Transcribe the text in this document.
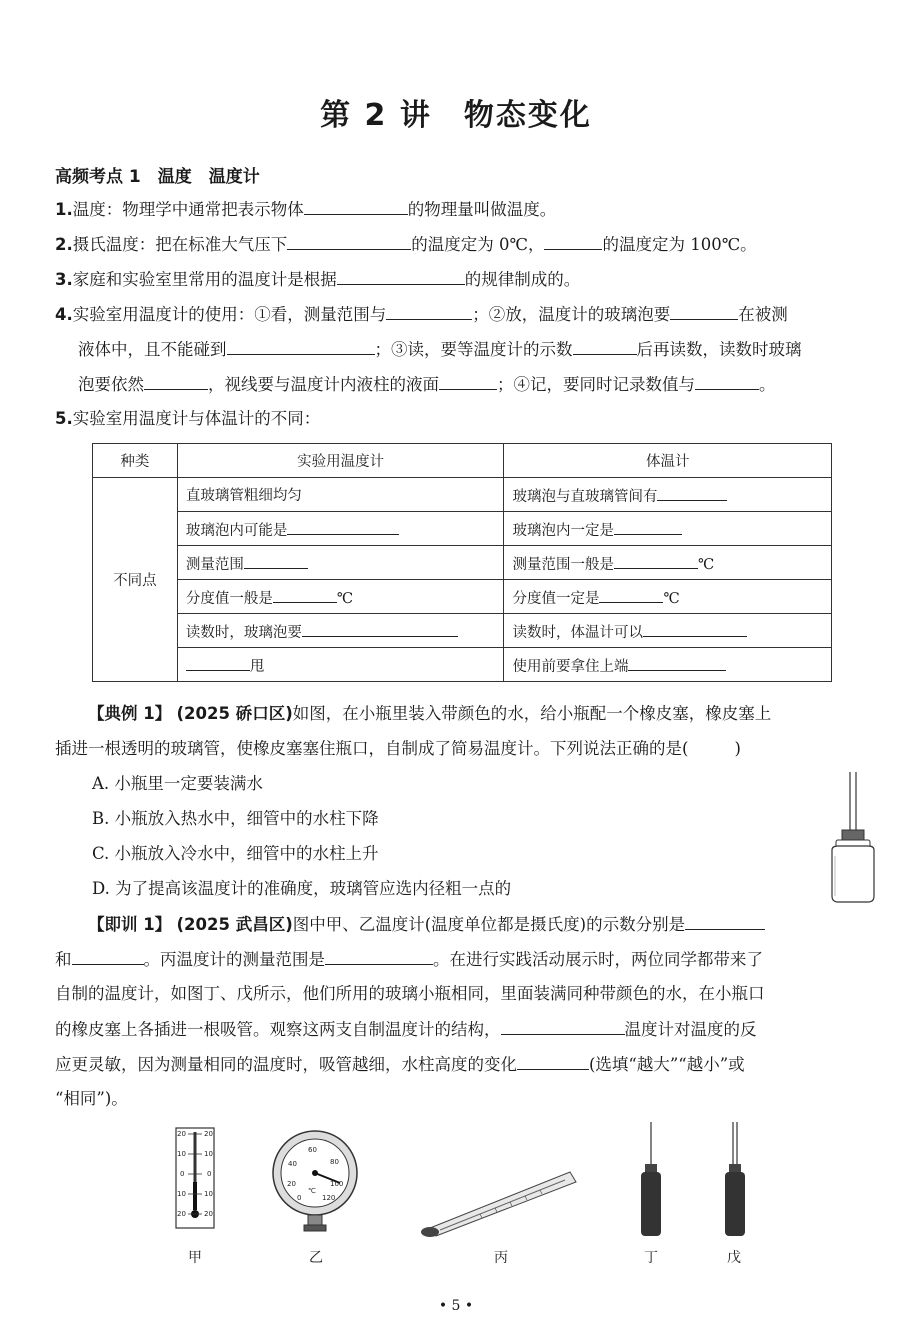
第 2 讲　物态变化
高频考点 1　温度　温度计
1.温度：物理学中通常把表示物体	的物理量叫做温度。
2.摄氏温度：把在标准大气压下	的温度定为 0℃，	的温度定为 100℃。
3.家庭和实验室里常用的温度计是根据	的规律制成的。
4.实验室用温度计的使用：①看，测量范围与	；②放，温度计的玻璃泡要	在被测
液体中，且不能碰到	；③读，要等温度计的示数	后再读数，读数时玻璃
泡要依然	，视线要与温度计内液柱的液面	；④记，要同时记录数值与	。
5.实验室用温度计与体温计的不同：
种类	实验用温度计	体温计
不同点	直玻璃管粗细均匀	玻璃泡与直玻璃管间有
	玻璃泡内可能是	玻璃泡内一定是
	测量范围	测量范围一般是 ℃
	分度值一般是 ℃	分度值一定是 ℃
	读数时，玻璃泡要	读数时，体温计可以
	甩	使用前要拿住上端
【典例 1】 (2025 硚口区)如图，在小瓶里装入带颜色的水，给小瓶配一个橡皮塞，橡皮塞上
插进一根透明的玻璃管，使橡皮塞塞住瓶口，自制成了简易温度计。下列说法正确的是(	)
A. 小瓶里一定要装满水
B. 小瓶放入热水中，细管中的水柱下降
C. 小瓶放入冷水中，细管中的水柱上升
D. 为了提高该温度计的准确度，玻璃管应选内径粗一点的
【即训 1】 (2025 武昌区)图中甲、乙温度计(温度单位都是摄氏度)的示数分别是
和	。丙温度计的测量范围是	。在进行实践活动展示时，两位同学都带来了
自制的温度计，如图丁、戊所示，他们所用的玻璃小瓶相同，里面装满同种带颜色的水，在小瓶口
的橡皮塞上各插进一根吸管。观察这两支自制温度计的结构，	温度计对温度的反
应更灵敏，因为测量相同的温度时，吸管越细，水柱高度的变化	(选填“越大”“越小”或
“相同”)。
20	20
10	10
0	0
10	10
20	20
20
40
60
80
100
120
0
℃
甲	乙	丙	丁	戊
• 5 •
